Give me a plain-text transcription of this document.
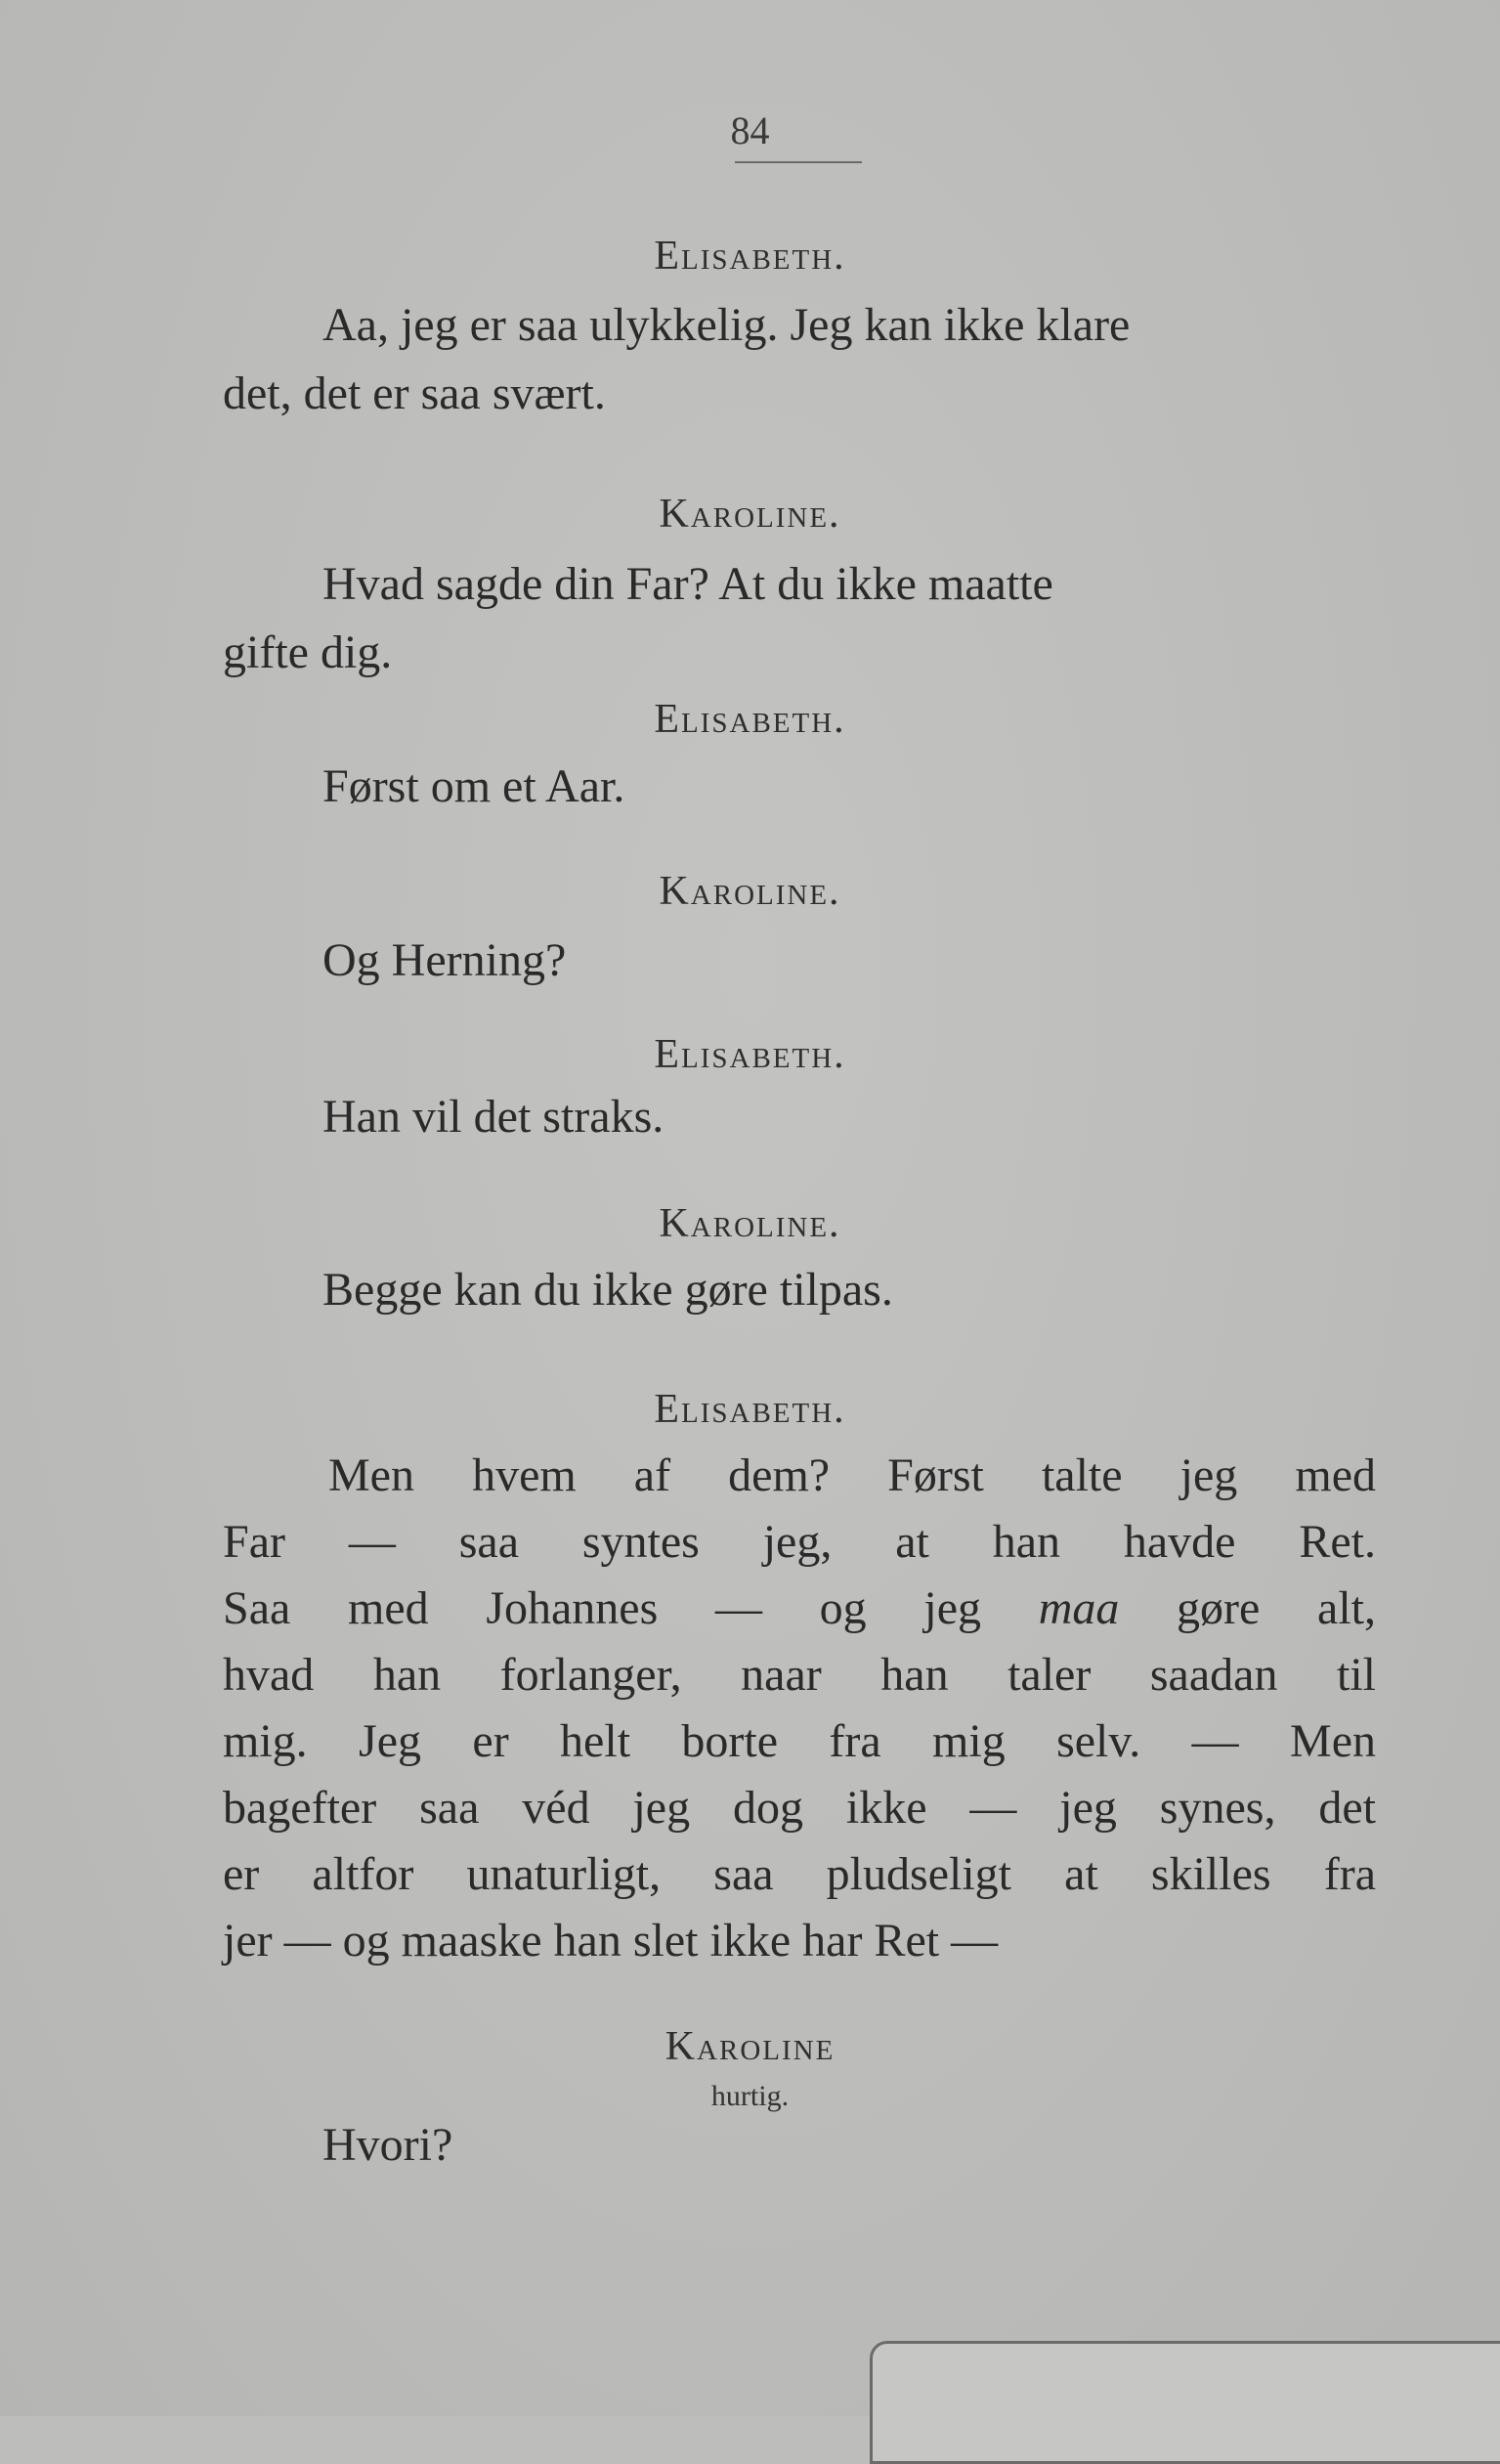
84
Elisabeth.
Aa, jeg er saa ulykkelig. Jeg kan ikke klare
det, det er saa svært.
Karoline.
Hvad sagde din Far? At du ikke maatte
gifte dig.
Elisabeth.
Først om et Aar.
Karoline.
Og Herning?
Elisabeth.
Han vil det straks.
Karoline.
Begge kan du ikke gøre tilpas.
Elisabeth.
Men hvem af dem? Først talte jeg med
Far — saa syntes jeg, at han havde Ret.
Saa med Johannes — og jeg maa gøre alt,
hvad han forlanger, naar han taler saadan til
mig. Jeg er helt borte fra mig selv. — Men
bagefter saa véd jeg dog ikke — jeg synes, det
er altfor unaturligt, saa pludseligt at skilles fra
jer — og maaske han slet ikke har Ret —
Karoline
hurtig.
Hvori?
